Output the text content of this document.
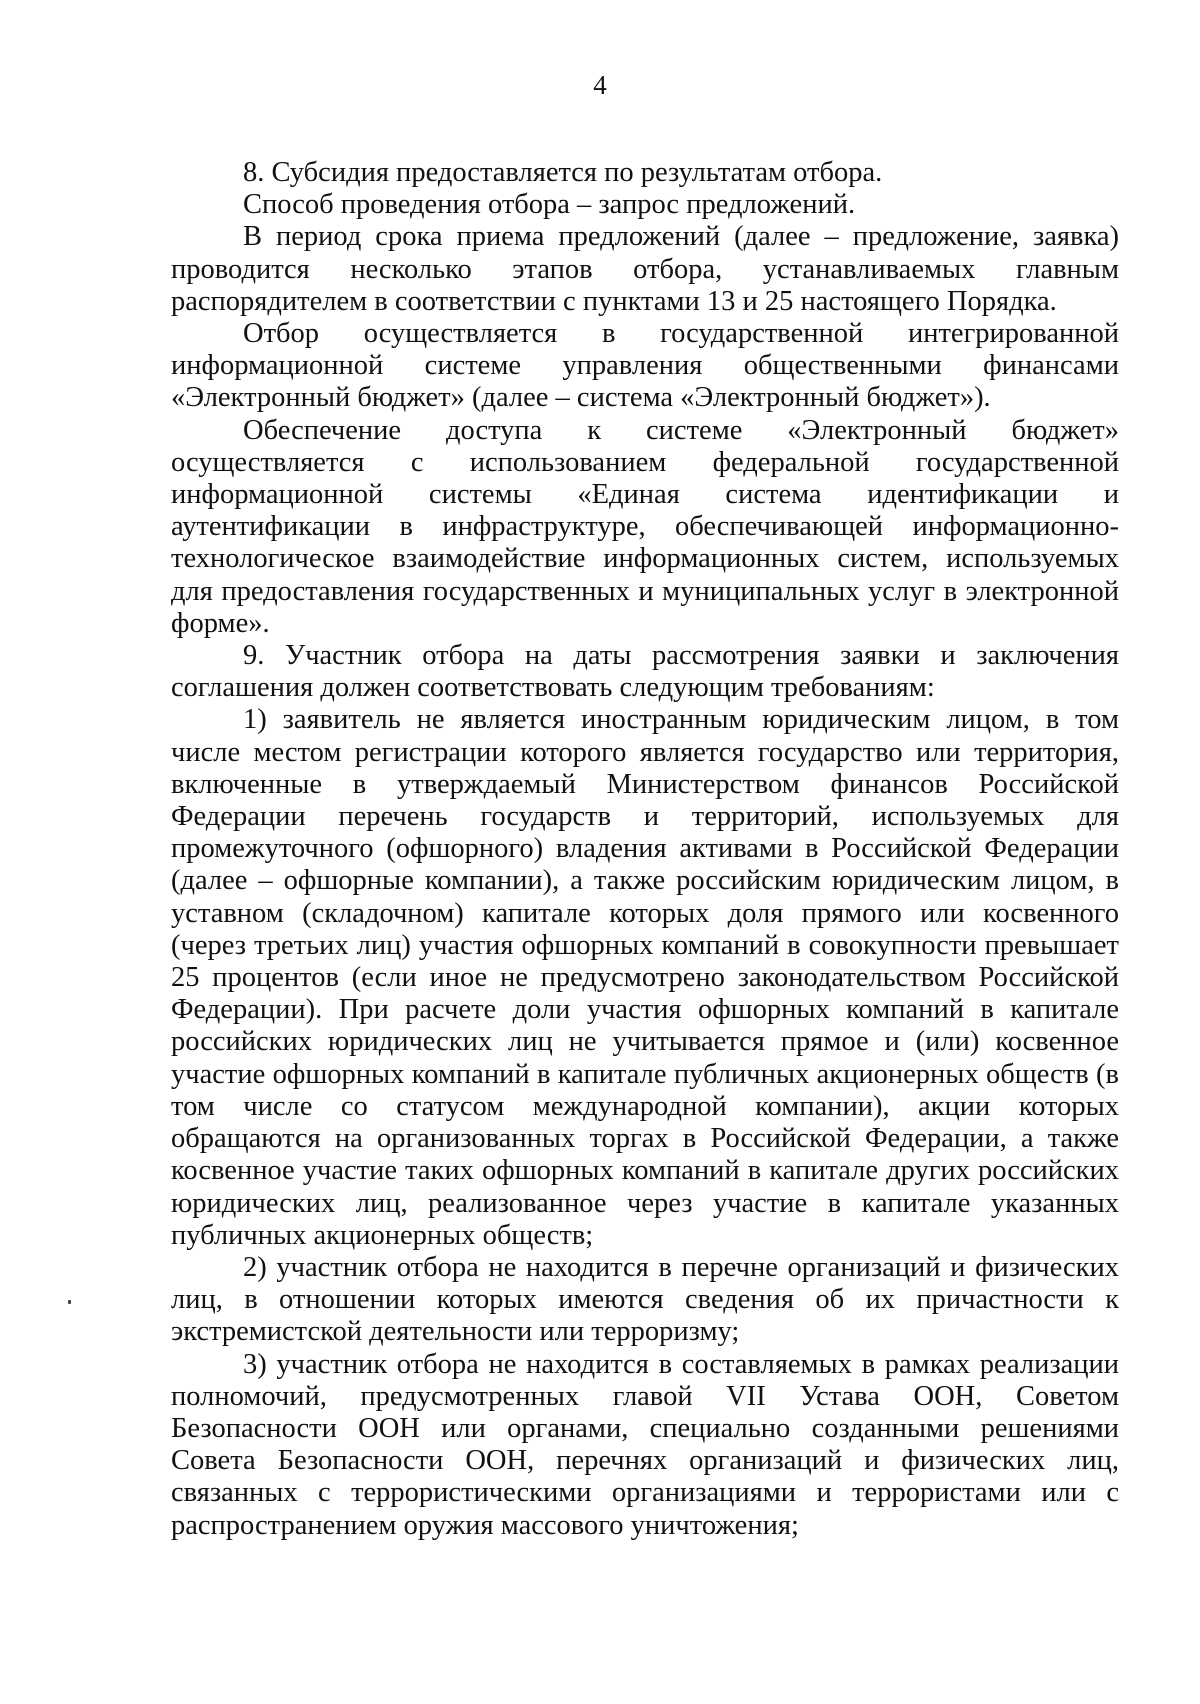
4

8. Субсидия предоставляется по результатам отбора.

Способ проведения отбора – запрос предложений.

В период срока приема предложений (далее – предложение, заявка) проводится несколько этапов отбора, устанавливаемых главным распорядителем в соответствии с пунктами 13 и 25 настоящего Порядка.

Отбор осуществляется в государственной интегрированной информационной системе управления общественными финансами «Электронный бюджет» (далее – система «Электронный бюджет»).

Обеспечение доступа к системе «Электронный бюджет» осуществляется с использованием федеральной государственной информационной системы «Единая система идентификации и аутентификации в инфраструктуре, обеспечивающей информационно-технологическое взаимодействие информационных систем, используемых для предоставления государственных и муниципальных услуг в электронной форме».

9. Участник отбора на даты рассмотрения заявки и заключения соглашения должен соответствовать следующим требованиям:

1) заявитель не является иностранным юридическим лицом, в том числе местом регистрации которого является государство или территория, включенные в утверждаемый Министерством финансов Российской Федерации перечень государств и территорий, используемых для промежуточного (офшорного) владения активами в Российской Федерации (далее – офшорные компании), а также российским юридическим лицом, в уставном (складочном) капитале которых доля прямого или косвенного (через третьих лиц) участия офшорных компаний в совокупности превышает 25 процентов (если иное не предусмотрено законодательством Российской Федерации). При расчете доли участия офшорных компаний в капитале российских юридических лиц не учитывается прямое и (или) косвенное участие офшорных компаний в капитале публичных акционерных обществ (в том числе со статусом международной компании), акции которых обращаются на организованных торгах в Российской Федерации, а также косвенное участие таких офшорных компаний в капитале других российских юридических лиц, реализованное через участие в капитале указанных публичных акционерных обществ;

2) участник отбора не находится в перечне организаций и физических лиц, в отношении которых имеются сведения об их причастности к экстремистской деятельности или терроризму;

3) участник отбора не находится в составляемых в рамках реализации полномочий, предусмотренных главой VII Устава ООН, Советом Безопасности ООН или органами, специально созданными решениями Совета Безопасности ООН, перечнях организаций и физических лиц, связанных с террористическими организациями и террористами или с распространением оружия массового уничтожения;
